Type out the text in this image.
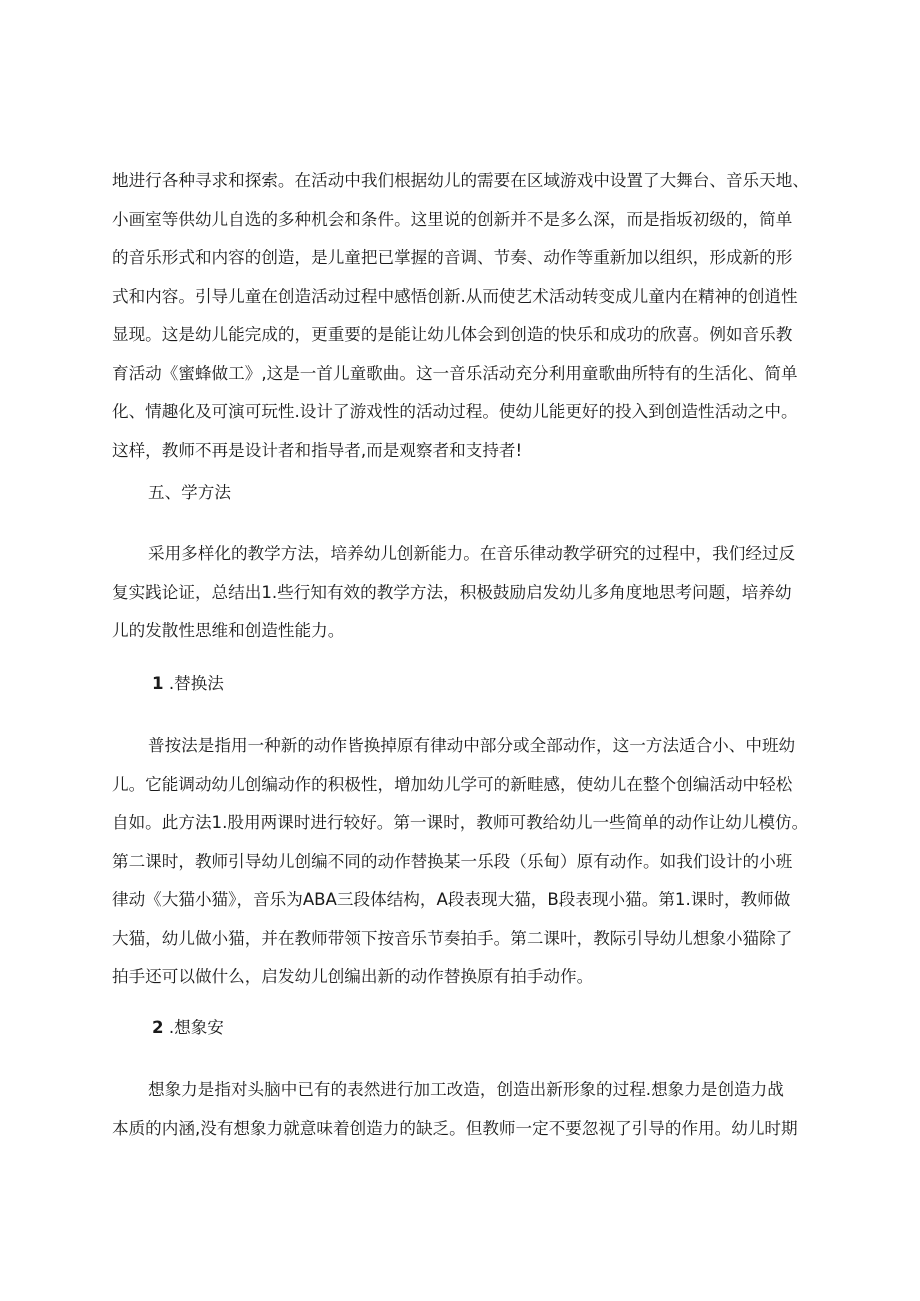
地进行各种寻求和探索。在活动中我们根据幼儿的需要在区域游戏中设置了大舞台、音乐天地、
小画室等供幼儿自选的多种机会和条件。这里说的创新并不是多么深，而是指坂初级的，简单
的音乐形式和内容的创造，是儿童把已掌握的音调、节奏、动作等重新加以组织，形成新的形
式和内容。引导儿童在创造活动过程中感悟创新.从而使艺术活动转变成儿童内在精神的创逍性
显现。这是幼儿能完成的，更重要的是能让幼儿体会到创造的快乐和成功的欣喜。例如音乐教
育活动《蜜蜂做工》,这是一首儿童歌曲。这一音乐活动充分利用童歌曲所特有的生活化、简单
化、情趣化及可演可玩性.设计了游戏性的活动过程。使幼儿能更好的投入到创造性活动之中。
这样，教师不再是设计者和指导者,而是观察者和支持者!
五、学方法
采用多样化的教学方法，培养幼儿创新能力。在音乐律动教学研究的过程中，我们经过反
复实践论证，总结出1.些行知有效的教学方法，积极鼓励启发幼儿多角度地思考问题，培养幼
儿的发散性思维和创造性能力。
1 .替换法
普按法是指用一种新的动作皆换掉原有律动中部分或全部动作，这一方法适合小、中班幼
儿。它能调动幼儿创编动作的积极性，增加幼儿学可的新畦感，使幼儿在整个创编活动中轻松
自如。此方法1.股用两课时进行较好。第一课时，教师可教给幼儿一些简单的动作让幼儿模仿。
第二课时，教师引导幼儿创编不同的动作替换某一乐段（乐甸）原有动作。如我们设计的小班
律动《大猫小猫》，音乐为ABA三段体结构，A段表现大猫，B段表现小猫。第1.课时，教师做
大猫，幼儿做小猫，并在教师带领下按音乐节奏拍手。第二课叶，教际引导幼儿想象小猫除了
拍手还可以做什么，启发幼儿创编出新的动作替换原有拍手动作。
2 .想象安
想象力是指对头脑中已有的表然进行加工改造，创造出新形象的过程.想象力是创造力战
本质的内涵,没有想象力就意味着创造力的缺乏。但教师一定不要忽视了引导的作用。幼儿时期
